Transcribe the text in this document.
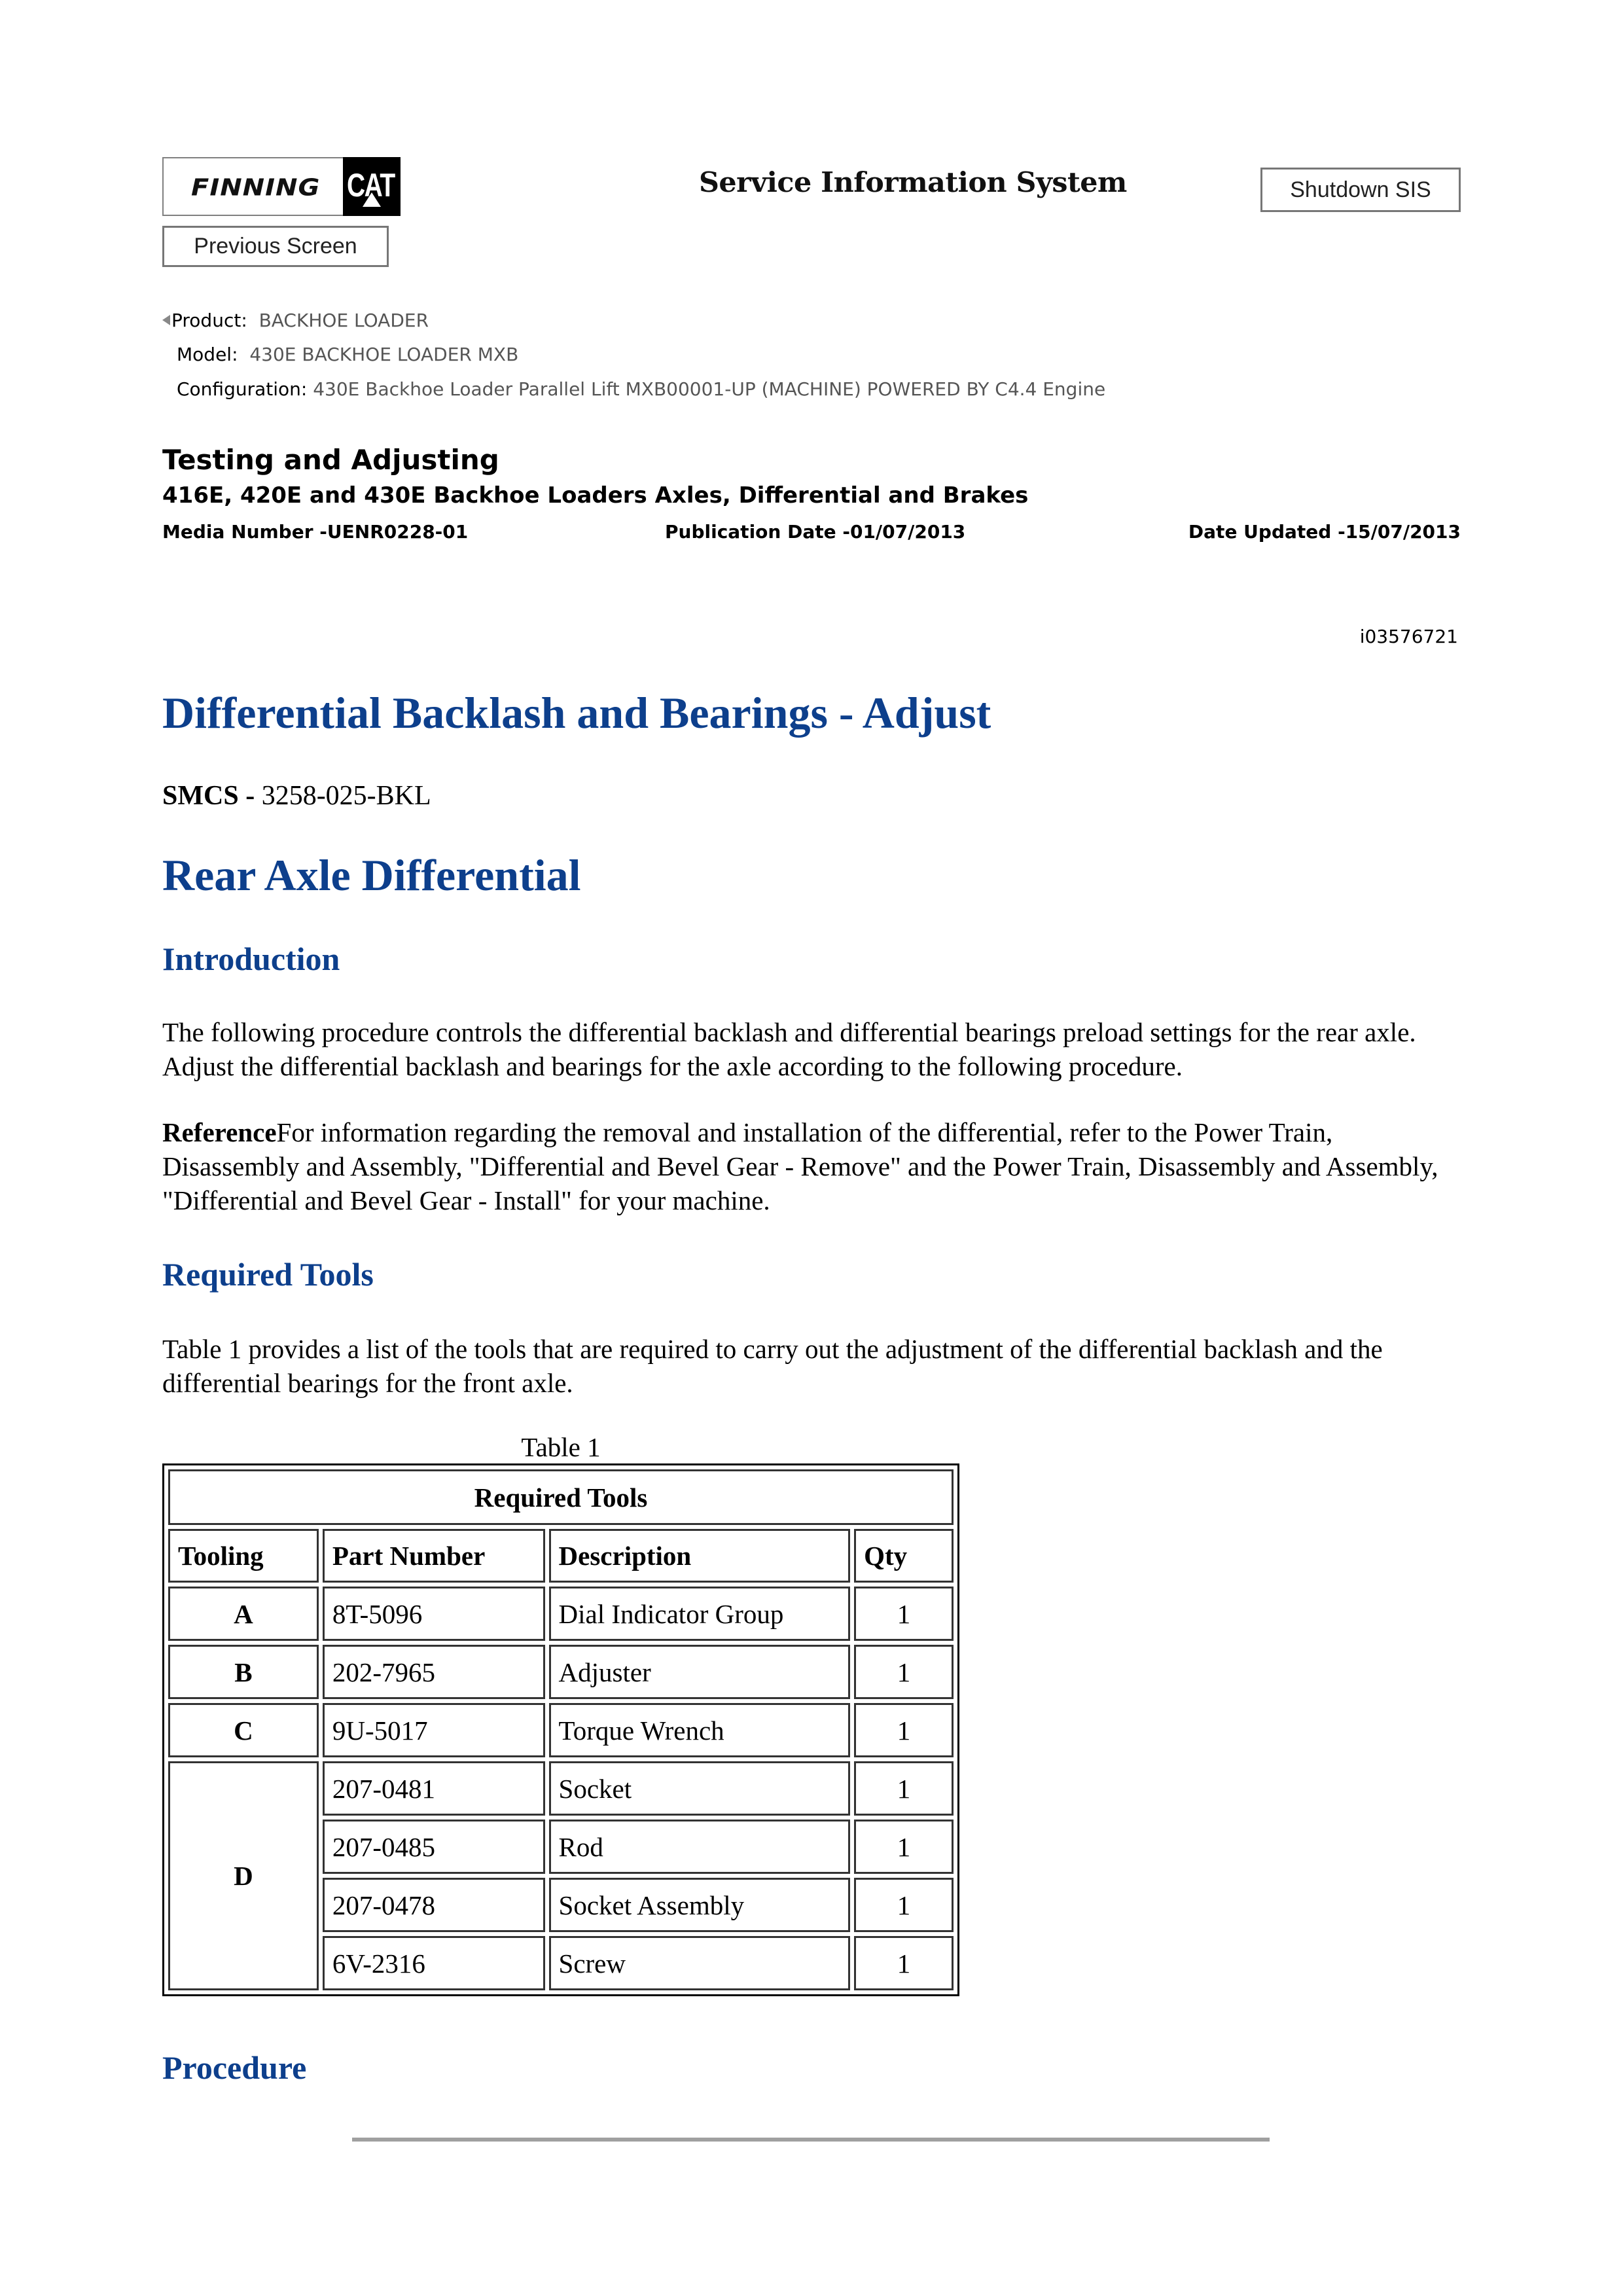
FINNING CAT	Service Information System	Shutdown SIS
Previous Screen
Product: BACKHOE LOADER
Model: 430E BACKHOE LOADER MXB
Configuration: 430E Backhoe Loader Parallel Lift MXB00001-UP (MACHINE) POWERED BY C4.4 Engine
Testing and Adjusting
416E, 420E and 430E Backhoe Loaders Axles, Differential and Brakes
Media Number -UENR0228-01	Publication Date -01/07/2013	Date Updated -15/07/2013
i03576721
Differential Backlash and Bearings - Adjust
SMCS - 3258-025-BKL
Rear Axle Differential
Introduction

The following procedure controls the differential backlash and differential bearings preload settings for the rear axle. Adjust the differential backlash and bearings for the axle according to the following procedure.

ReferenceFor information regarding the removal and installation of the differential, refer to the Power Train, Disassembly and Assembly, "Differential and Bevel Gear - Remove" and the Power Train, Disassembly and Assembly, "Differential and Bevel Gear - Install" for your machine.

Required Tools

Table 1 provides a list of the tools that are required to carry out the adjustment of the differential backlash and the differential bearings for the front axle.

Table 1
Required Tools			
Tooling	Part Number	Description	Qty
A	8T-5096	Dial Indicator Group	1
B	202-7965	Adjuster	1
C	9U-5017	Torque Wrench	1
D	207-0481	Socket	1
	207-0485	Rod	1
	207-0478	Socket Assembly	1
	6V-2316	Screw	1
Procedure
